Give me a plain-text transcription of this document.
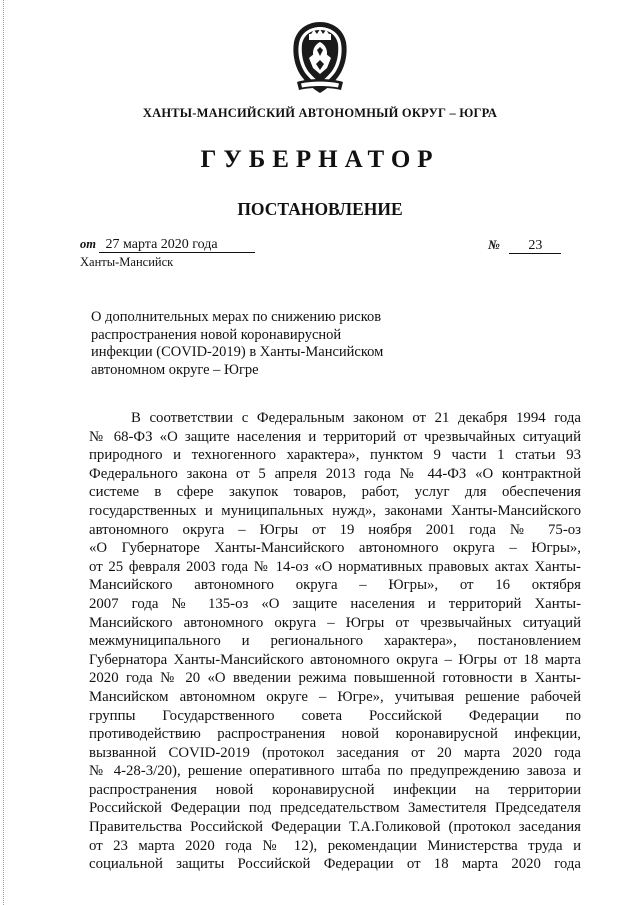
ХАНТЫ-МАНСИЙСКИЙ АВТОНОМНЫЙ ОКРУГ – ЮГРА
ГУБЕРНАТОР
ПОСТАНОВЛЕНИЕ
от 27 марта 2020 года	№ 23
Ханты-Мансийск
О дополнительных мерах по снижению рисков
распространения новой коронавирусной
инфекции (COVID-2019) в Ханты-Мансийском
автономном округе – Югре
В соответствии с Федеральным законом от 21 декабря 1994 года
№ 68-ФЗ «О защите населения и территорий от чрезвычайных ситуаций
природного и техногенного характера», пунктом 9 части 1 статьи 93
Федерального закона от 5 апреля 2013 года № 44-ФЗ «О контрактной
системе в сфере закупок товаров, работ, услуг для обеспечения
государственных и муниципальных нужд», законами Ханты-Мансийского
автономного округа – Югры от 19 ноября 2001 года № 75-оз
«О Губернаторе Ханты-Мансийского автономного округа – Югры»,
от 25 февраля 2003 года № 14-оз «О нормативных правовых актах Ханты-
Мансийского автономного округа – Югры», от 16 октября
2007 года № 135-оз «О защите населения и территорий Ханты-
Мансийского автономного округа – Югры от чрезвычайных ситуаций
межмуниципального и регионального характера», постановлением
Губернатора Ханты-Мансийского автономного округа – Югры от 18 марта
2020 года № 20 «О введении режима повышенной готовности в Ханты-
Мансийском автономном округе – Югре», учитывая решение рабочей
группы Государственного совета Российской Федерации по
противодействию распространения новой коронавирусной инфекции,
вызванной COVID-2019 (протокол заседания от 20 марта 2020 года
№ 4-28-3/20), решение оперативного штаба по предупреждению завоза и
распространения новой коронавирусной инфекции на территории
Российской Федерации под председательством Заместителя Председателя
Правительства Российской Федерации Т.А.Голиковой (протокол заседания
от 23 марта 2020 года № 12), рекомендации Министерства труда и
социальной защиты Российской Федерации от 18 марта 2020 года
